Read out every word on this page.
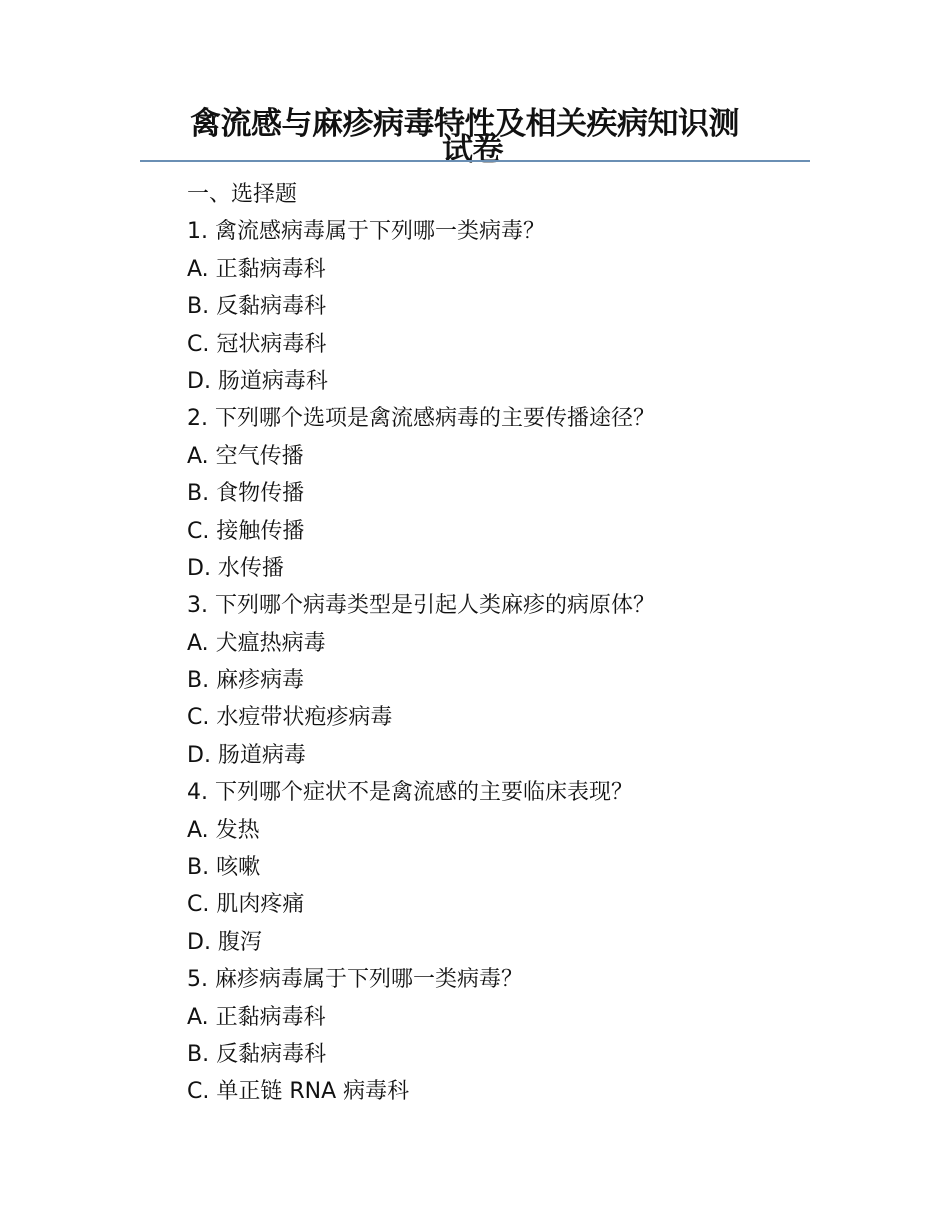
禽流感与麻疹病毒特性及相关疾病知识测
试卷
一、选择题
1. 禽流感病毒属于下列哪一类病毒？
A. 正黏病毒科
B. 反黏病毒科
C. 冠状病毒科
D. 肠道病毒科
2. 下列哪个选项是禽流感病毒的主要传播途径？
A. 空气传播
B. 食物传播
C. 接触传播
D. 水传播
3. 下列哪个病毒类型是引起人类麻疹的病原体？
A. 犬瘟热病毒
B. 麻疹病毒
C. 水痘带状疱疹病毒
D. 肠道病毒
4. 下列哪个症状不是禽流感的主要临床表现？
A. 发热
B. 咳嗽
C. 肌肉疼痛
D. 腹泻
5. 麻疹病毒属于下列哪一类病毒？
A. 正黏病毒科
B. 反黏病毒科
C. 单正链 RNA 病毒科
